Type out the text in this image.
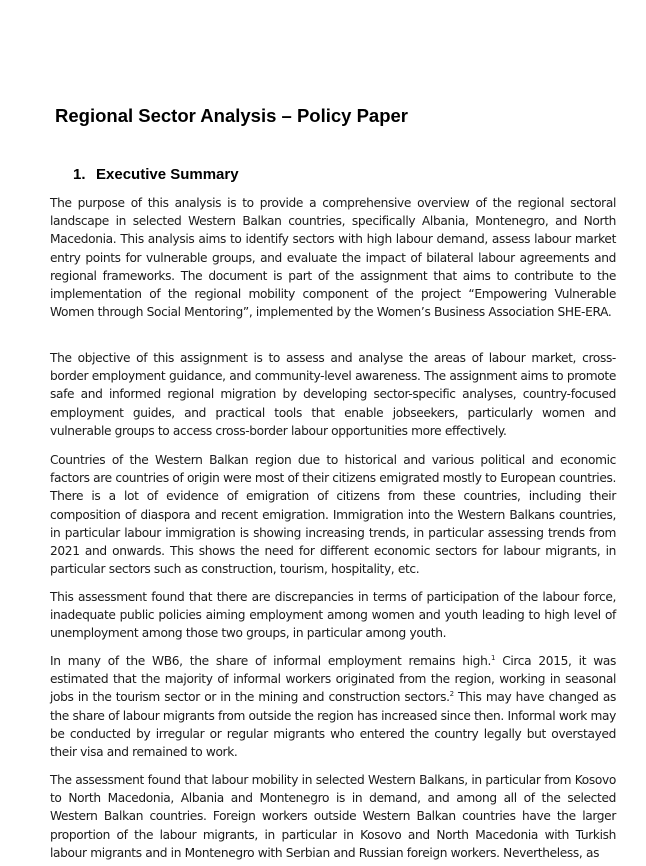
Regional Sector Analysis – Policy Paper
1. Executive Summary

The purpose of this analysis is to provide a comprehensive overview of the regional sectoral landscape in selected Western Balkan countries, specifically Albania, Montenegro, and North Macedonia. This analysis aims to identify sectors with high labour demand, assess labour market entry points for vulnerable groups, and evaluate the impact of bilateral labour agreements and regional frameworks. The document is part of the assignment that aims to contribute to the implementation of the regional mobility component of the project “Empowering Vulnerable Women through Social Mentoring”, implemented by the Women’s Business Association SHE-ERA.

The objective of this assignment is to assess and analyse the areas of labour market, cross-border employment guidance, and community-level awareness. The assignment aims to promote safe and informed regional migration by developing sector-specific analyses, country-focused employment guides, and practical tools that enable jobseekers, particularly women and vulnerable groups to access cross-border labour opportunities more effectively.

Countries of the Western Balkan region due to historical and various political and economic factors are countries of origin were most of their citizens emigrated mostly to European countries. There is a lot of evidence of emigration of citizens from these countries, including their composition of diaspora and recent emigration. Immigration into the Western Balkans countries, in particular labour immigration is showing increasing trends, in particular assessing trends from 2021 and onwards. This shows the need for different economic sectors for labour migrants, in particular sectors such as construction, tourism, hospitality, etc.

This assessment found that there are discrepancies in terms of participation of the labour force, inadequate public policies aiming employment among women and youth leading to high level of unemployment among those two groups, in particular among youth.

In many of the WB6, the share of informal employment remains high.$^1$ Circa 2015, it was estimated that the majority of informal workers originated from the region, working in seasonal jobs in the tourism sector or in the mining and construction sectors.$^2$ This may have changed as the share of labour migrants from outside the region has increased since then. Informal work may be conducted by irregular or regular migrants who entered the country legally but overstayed their visa and remained to work.

The assessment found that labour mobility in selected Western Balkans, in particular from Kosovo to North Macedonia, Albania and Montenegro is in demand, and among all of the selected Western Balkan countries. Foreign workers outside Western Balkan countries have the larger proportion of the labour migrants, in particular in Kosovo and North Macedonia with Turkish labour migrants and in Montenegro with Serbian and Russian foreign workers. Nevertheless, as
